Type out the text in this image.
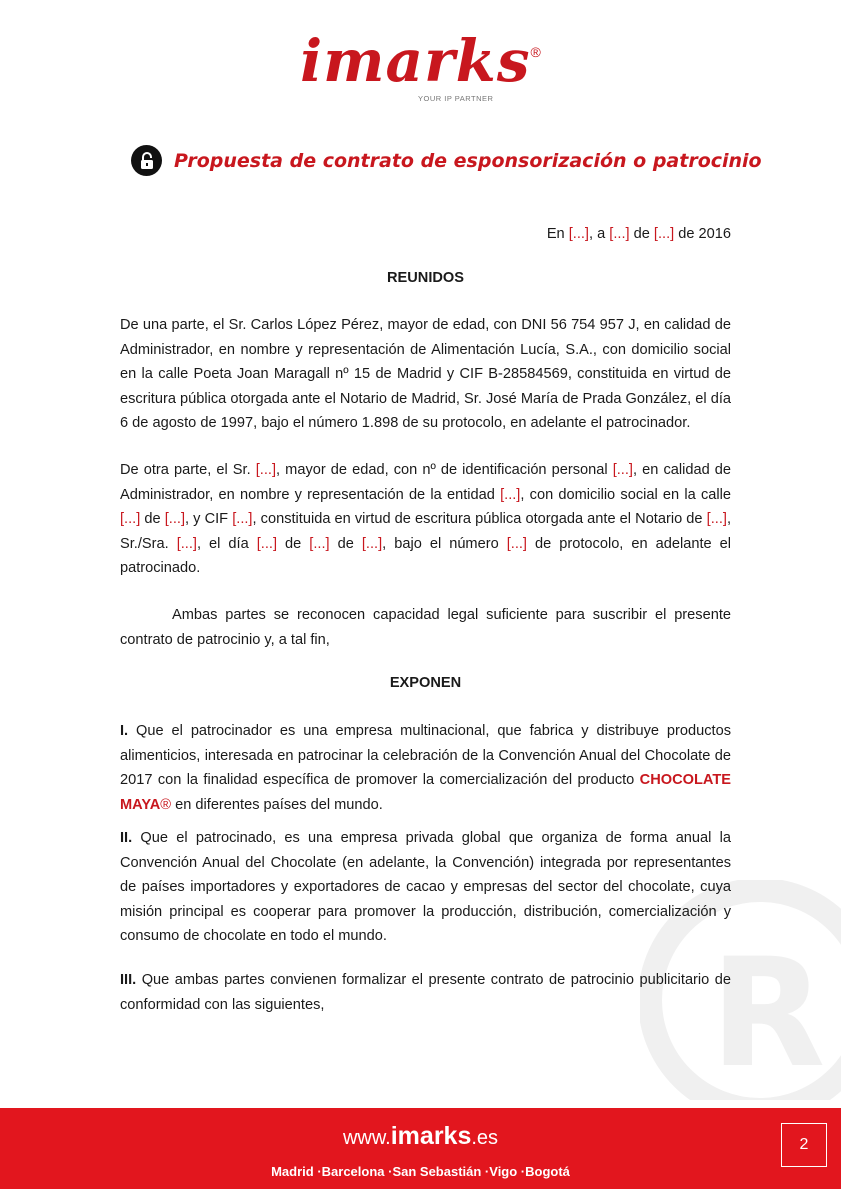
imarks®
YOUR IP PARTNER
Propuesta de contrato de esponsorización o patrocinio
R
En [...], a [...] de [...] de 2016
REUNIDOS
De una parte, el Sr. Carlos López Pérez, mayor de edad, con DNI 56 754 957 J, en calidad de Administrador, en nombre y representación de Alimentación Lucía, S.A., con domicilio social en la calle Poeta Joan Maragall nº 15 de Madrid y CIF B-28584569, constituida en virtud de escritura pública otorgada ante el Notario de Madrid, Sr. José María de Prada González, el día 6 de agosto de 1997, bajo el número 1.898 de su protocolo, en adelante el patrocinador.
De otra parte, el Sr. [...], mayor de edad, con nº de identificación personal [...], en calidad de Administrador, en nombre y representación de la entidad [...], con domicilio social en la calle [...] de [...], y CIF [...], constituida en virtud de escritura pública otorgada ante el Notario de [...], Sr./Sra. [...], el día [...] de [...] de [...], bajo el número [...] de protocolo, en adelante el patrocinado.
Ambas partes se reconocen capacidad legal suficiente para suscribir el presente contrato de patrocinio y, a tal fin,
EXPONEN
I. Que el patrocinador es una empresa multinacional, que fabrica y distribuye productos alimenticios, interesada en patrocinar la celebración de la Convención Anual del Chocolate de 2017 con la finalidad específica de promover la comercialización del producto CHOCOLATE MAYA® en diferentes países del mundo.
II. Que el patrocinado, es una empresa privada global que organiza de forma anual la Convención Anual del Chocolate (en adelante, la Convención) integrada por representantes de países importadores y exportadores de cacao y empresas del sector del chocolate, cuya misión principal es cooperar para promover la producción, distribución, comercialización y consumo de chocolate en todo el mundo.
III. Que ambas partes convienen formalizar el presente contrato de patrocinio publicitario de conformidad con las siguientes,
www.imarks.es
Madrid ·Barcelona ·San Sebastián ·Vigo ·Bogotá
2
